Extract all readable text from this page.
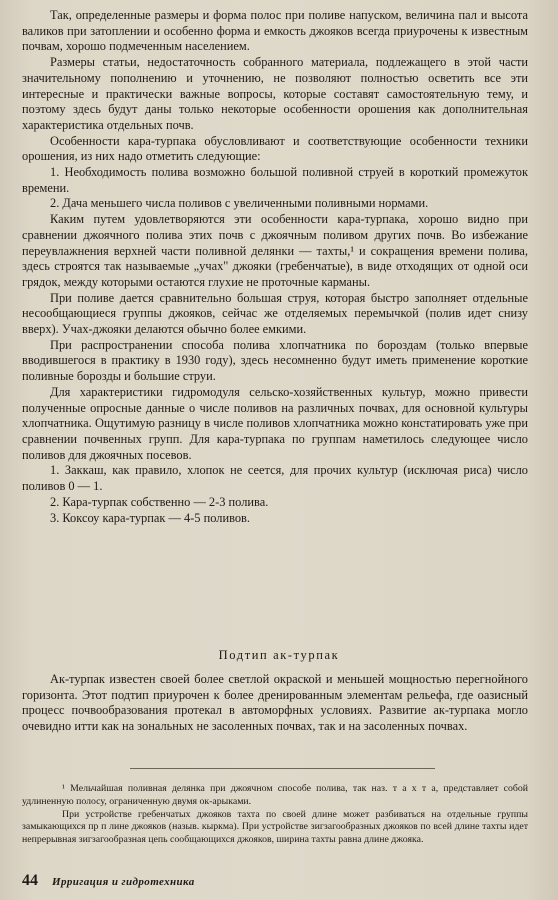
Так, определенные размеры и форма полос при поливе напуском, величина пал и высота валиков при затоплении и особенно форма и емкость джояков всегда приурочены к известным почвам, хорошо подмеченным населением.

Размеры статьи, недостаточность собранного материала, подлежащего в этой части значительному пополнению и уточнению, не позволяют полностью осветить все эти интересные и практически важные вопросы, которые составят самостоятельную тему, и поэтому здесь будут даны только некоторые особенности орошения как дополнительная характеристика отдельных почв.

Особенности кара-турпака обусловливают и соответствующие особенности техники орошения, из них надо отметить следующие:

1. Необходимость полива возможно большой поливной струей в короткий промежуток времени.

2. Дача меньшего числа поливов с увеличенными поливными нормами.

Каким путем удовлетворяются эти особенности кара-турпака, хорошо видно при сравнении джоячного полива этих почв с джоячным поливом других почв. Во избежание переувлажнения верхней части поливной делянки — тахты,¹ и сокращения времени полива, здесь строятся так называемые „учах" джояки (гребенчатые), в виде отходящих от одной оси грядок, между которыми остаются глухие не проточные карманы.

При поливе дается сравнительно большая струя, которая быстро заполняет отдельные несообщающиеся группы джояков, сейчас же отделяемых перемычкой (полив идет снизу вверх). Учах-джояки делаются обычно более емкими.

При распространении способа полива хлопчатника по бороздам (только впервые вводившегося в практику в 1930 году), здесь несомненно будут иметь применение короткие поливные борозды и большие струи.

Для характеристики гидромодуля сельско-хозяйственных культур, можно привести полученные опросные данные о числе поливов на различных почвах, для основной культуры хлопчатника. Ощутимую разницу в числе поливов хлопчатника можно констатировать уже при сравнении почвенных групп. Для кара-турпака по группам наметилось следующее число поливов для джоячных посевов.

1. Заккаш, как правило, хлопок не сеется, для прочих культур (исключая риса) число поливов 0 — 1.

2. Кара-турпак собственно — 2-3 полива.

3. Коксоу кара-турпак — 4-5 поливов.

Подтип ак-турпак

Ак-турпак известен своей более светлой окраской и меньшей мощностью перегнойного горизонта. Этот подтип приурочен к более дренированным элементам рельефа, где оазисный процесс почвообразования протекал в автоморфных условиях. Развитие ак-турпака могло очевидно итти как на зональных не засоленных почвах, так и на засоленных почвах.

¹ Мельчайшая поливная делянка при джоячном способе полива, так наз. т а х т а, представляет собой удлиненную полосу, ограниченную двумя ок-арыками.

При устройстве гребенчатых джояков тахта по своей длине может разбиваться на отдельные группы замыкающихся пр п лине джояков (назыв. кыркма). При устройстве зигзагообразных джояков по всей длине тахты идет непрерывная зигзагообразная цепь сообщающихся джояков, ширина тахты равна длине джояка.

44 Ирригация и гидротехника
